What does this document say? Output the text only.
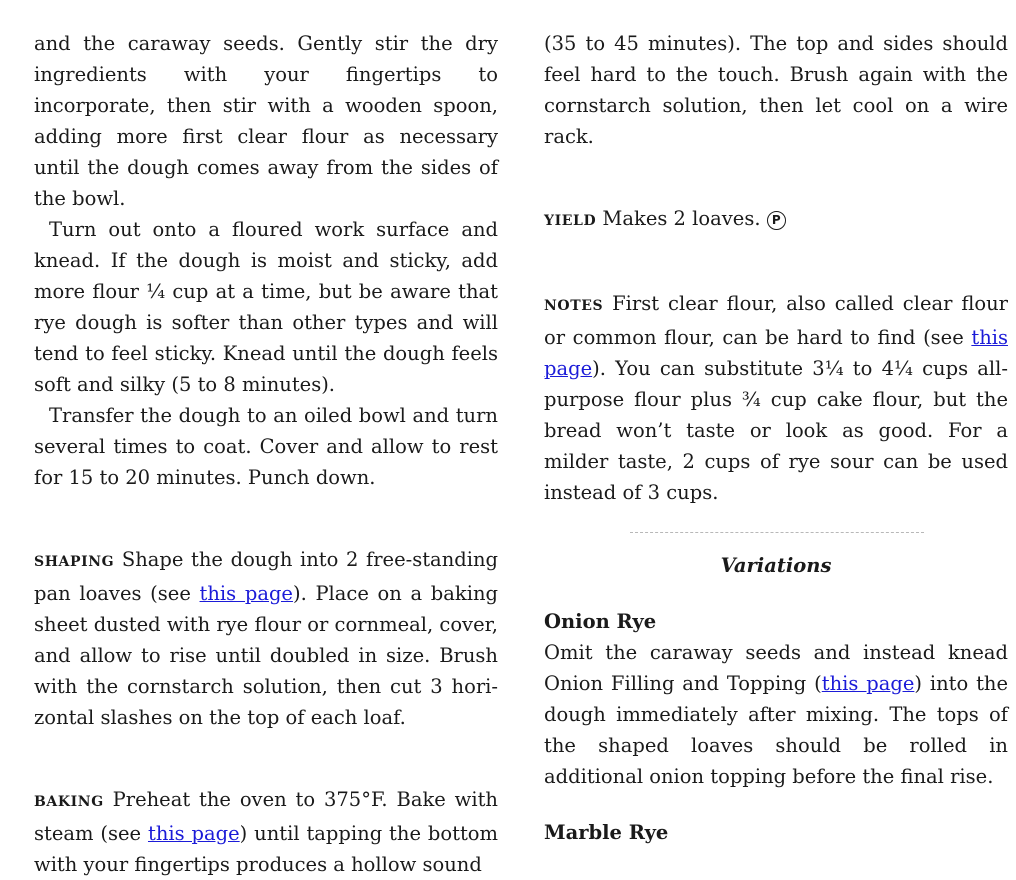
and the caraway seeds. Gently stir the dry ingredients with your fingertips to incorporate, then stir with a wooden spoon, adding more first clear flour as necessary until the dough comes away from the sides of the bowl.

Turn out onto a floured work surface and knead. If the dough is moist and sticky, add more flour ¼ cup at a time, but be aware that rye dough is softer than other types and will tend to feel sticky. Knead until the dough feels soft and silky (5 to 8 minutes).

Transfer the dough to an oiled bowl and turn several times to coat. Cover and allow to rest for 15 to 20 minutes. Punch down.

SHAPING Shape the dough into 2 free-standing pan loaves (see this page). Place on a baking sheet dusted with rye flour or cornmeal, cover, and allow to rise until doubled in size. Brush with the cornstarch solution, then cut 3 horizontal slashes on the top of each loaf.

BAKING Preheat the oven to 375°F. Bake with steam (see this page) until tapping the bottom with your fingertips produces a hollow sound

(35 to 45 minutes). The top and sides should feel hard to the touch. Brush again with the cornstarch solution, then let cool on a wire rack.

YIELD Makes 2 loaves. P

NOTES First clear flour, also called clear flour or common flour, can be hard to find (see this page). You can substitute 3¼ to 4¼ cups all-purpose flour plus ¾ cup cake flour, but the bread won’t taste or look as good. For a milder taste, 2 cups of rye sour can be used instead of 3 cups.

Variations
Onion Rye

Omit the caraway seeds and instead knead Onion Filling and Topping (this page) into the dough immediately after mixing. The tops of the shaped loaves should be rolled in additional onion topping before the final rise.

Marble Rye
